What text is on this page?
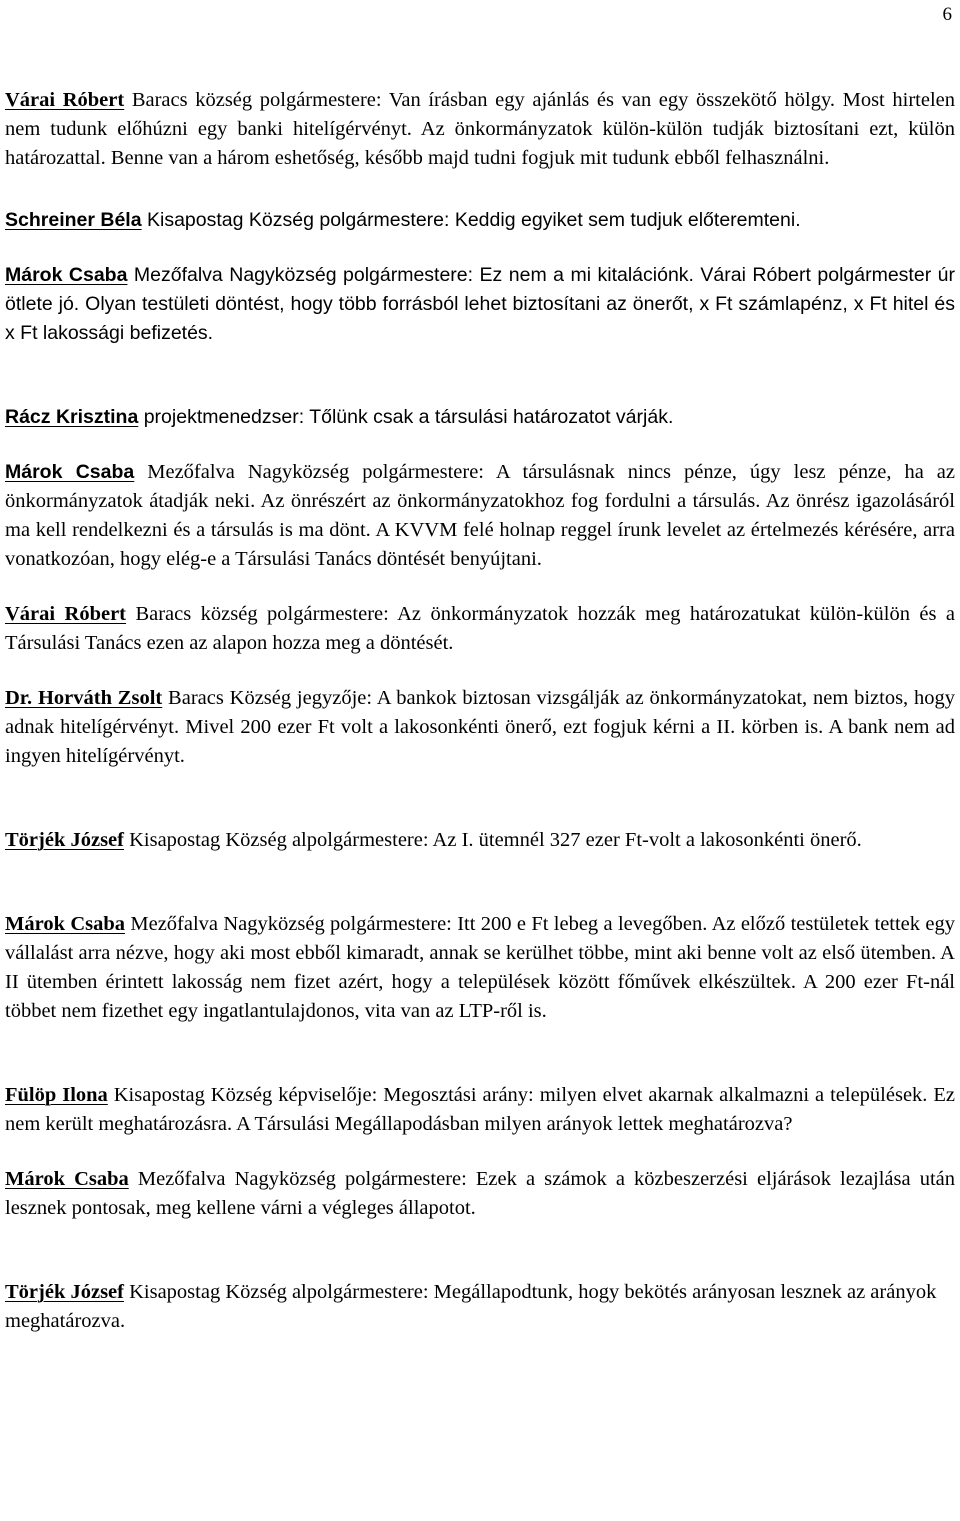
6

Várai Róbert Baracs község polgármestere: Van írásban egy ajánlás és van egy összekötő hölgy. Most hirtelen nem tudunk előhúzni egy banki hitelígérvényt. Az önkormányzatok külön-külön tudják biztosítani ezt, külön határozattal. Benne van a három eshetőség, később majd tudni fogjuk mit tudunk ebből felhasználni.

Schreiner Béla Kisapostag Község polgármestere: Keddig egyiket sem tudjuk előteremteni.

Márok Csaba Mezőfalva Nagyközség polgármestere: Ez nem a mi kitalációnk. Várai Róbert polgármester úr ötlete jó. Olyan testületi döntést, hogy több forrásból lehet biztosítani az önerőt, x Ft számlapénz, x Ft hitel és x Ft lakossági befizetés.

Rácz Krisztina projektmenedzser: Tőlünk csak a társulási határozatot várják.

Márok Csaba Mezőfalva Nagyközség polgármestere: A társulásnak nincs pénze, úgy lesz pénze, ha az önkormányzatok átadják neki. Az önrészért az önkormányzatokhoz fog fordulni a társulás. Az önrész igazolásáról ma kell rendelkezni és a társulás is ma dönt. A KVVM felé holnap reggel írunk levelet az értelmezés kérésére, arra vonatkozóan, hogy elég-e a Társulási Tanács döntését benyújtani.

Várai Róbert Baracs község polgármestere: Az önkormányzatok hozzák meg határozatukat külön-külön és a Társulási Tanács ezen az alapon hozza meg a döntését.

Dr. Horváth Zsolt Baracs Község jegyzője: A bankok biztosan vizsgálják az önkormányzatokat, nem biztos, hogy adnak hitelígérvényt. Mivel 200 ezer Ft volt a lakosonkénti önerő, ezt fogjuk kérni a II. körben is. A bank nem ad ingyen hitelígérvényt.

Törjék József Kisapostag Község alpolgármestere: Az I. ütemnél 327 ezer Ft-volt a lakosonkénti önerő.

Márok Csaba Mezőfalva Nagyközség polgármestere: Itt 200 e Ft lebeg a levegőben. Az előző testületek tettek egy vállalást arra nézve, hogy aki most ebből kimaradt, annak se kerülhet többe, mint aki benne volt az első ütemben. A II ütemben érintett lakosság nem fizet azért, hogy a települések között főművek elkészültek. A 200 ezer Ft-nál többet nem fizethet egy ingatlantulajdonos, vita van az LTP-ről is.

Fülöp Ilona Kisapostag Község képviselője: Megosztási arány: milyen elvet akarnak alkalmazni a települések. Ez nem került meghatározásra. A Társulási Megállapodásban milyen arányok lettek meghatározva?

Márok Csaba Mezőfalva Nagyközség polgármestere: Ezek a számok a közbeszerzési eljárások lezajlása után lesznek pontosak, meg kellene várni a végleges állapotot.

Törjék József Kisapostag Község alpolgármestere: Megállapodtunk, hogy bekötés arányosan lesznek az arányok meghatározva.
